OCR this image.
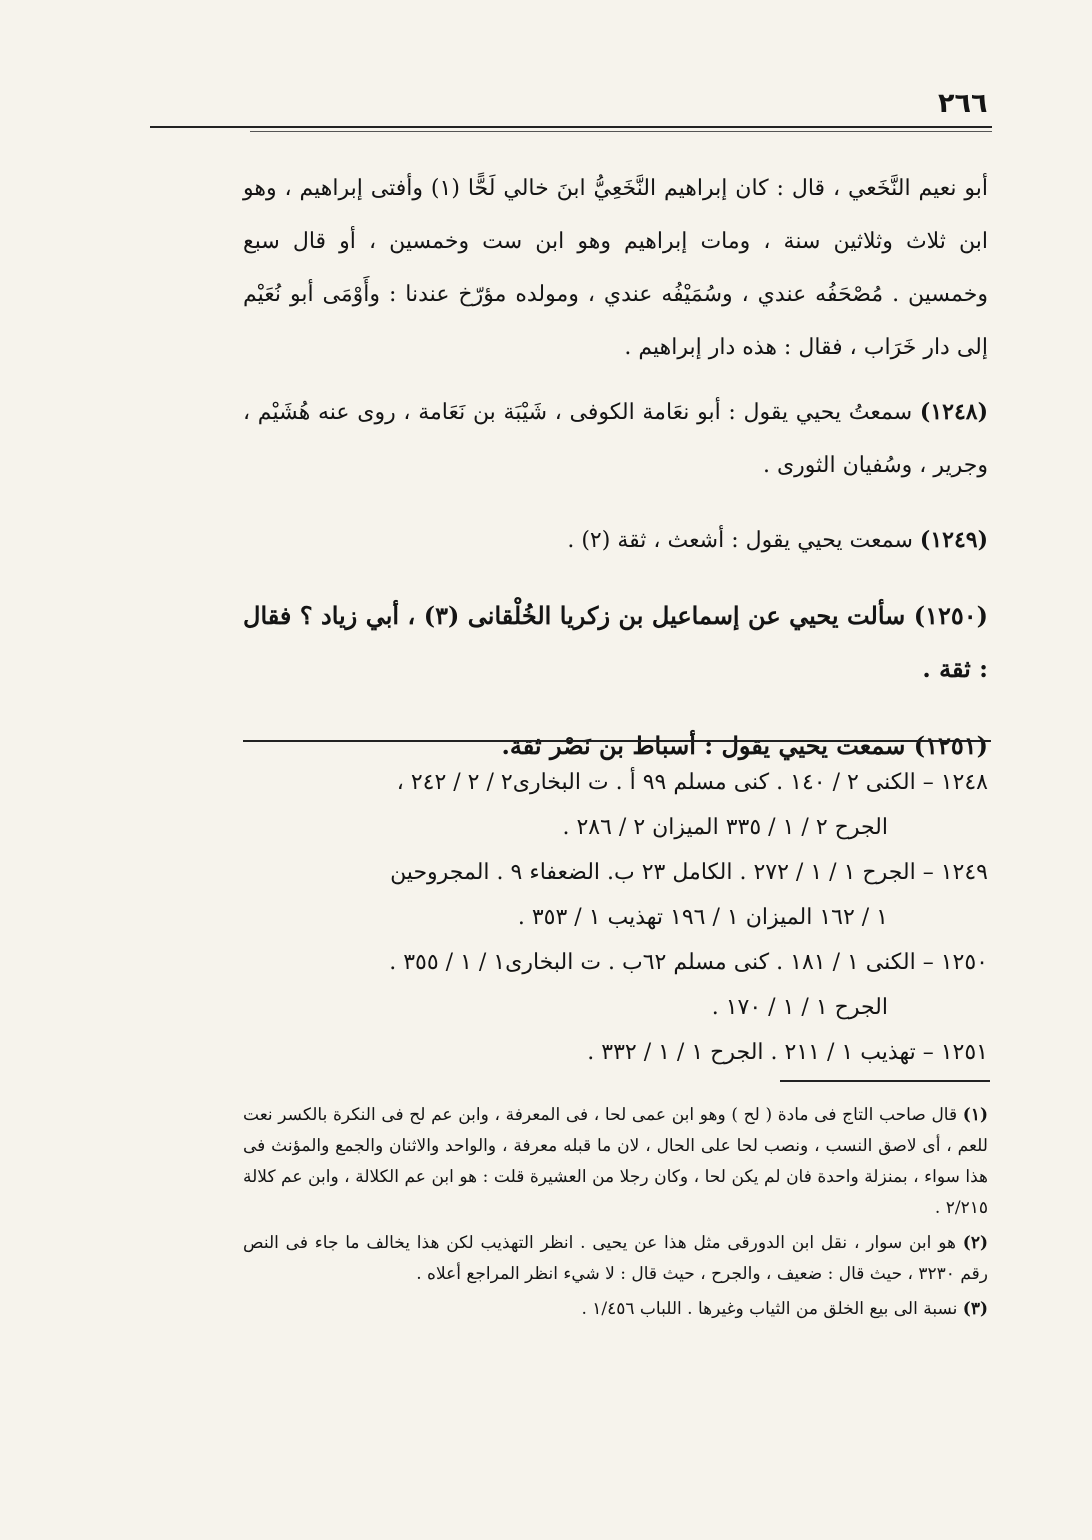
٢٦٦

أبو نعيم النَّخَعي ، قال : كان إبراهيم النَّخَعِيُّ ابنَ خالي لَحًّا (١) وأفتى إبراهيم ، وهو ابن ثلاث وثلاثين سنة ، ومات إبراهيم وهو ابن ست وخمسين ، أو قال سبع وخمسين . مُصْحَفُه عندي ، وسُمَيْفُه عندي ، ومولده مؤرّخ عندنا : وأَوْمَى أبو نُعَيْم إلى دار خَرَاب ، فقال : هذه دار إبراهيم .

(١٢٤٨) سمعتُ يحيي يقول : أبو نعَامة الكوفى ، شَيْبَة بن نَعَامة ، روى عنه هُشَيْم ، وجرير ، وسُفيان الثورى .

(١٢٤٩) سمعت يحيي يقول : أشعث ، ثقة (٢) .

(١٢٥٠) سألت يحيي عن إسماعيل بن زكريا الخُلْقانى (٣) ، أبي زياد ؟ فقال : ثقة .

(١٢٥١) سمعت يحيي يقول : أسباط بن نَصْر ثقة.

١٢٤٨ – الكنى ٢ / ١٤٠ . كنى مسلم ٩٩ أ . ت البخارى٢ / ٢ / ٢٤٢ ،
الجرح ٢ / ١ / ٣٣٥ الميزان ٢ / ٢٨٦ .

١٢٤٩ – الجرح ١ / ١ / ٢٧٢ . الكامل ٢٣ ب. الضعفاء ٩ . المجروحين
١ / ١٦٢ الميزان ١ / ١٩٦ تهذيب ١ / ٣٥٣ .

١٢٥٠ – الكنى ١ / ١٨١ . كنى مسلم ٦٢ب . ت البخارى١ / ١ / ٣٥٥ .
الجرح ١ / ١ / ١٧٠ .

١٢٥١ – تهذيب ١ / ٢١١ . الجرح ١ / ١ / ٣٣٢ .

(١) قال صاحب التاج فى مادة ( لح ) وهو ابن عمى لحا ، فى المعرفة ، وابن عم لح فى النكرة بالكسر نعت للعم ، أى لاصق النسب ، ونصب لحا على الحال ، لان ما قبله معرفة ، والواحد والاثنان والجمع والمؤنث فى هذا سواء ، بمنزلة واحدة فان لم يكن لحا ، وكان رجلا من العشيرة قلت : هو ابن عم الكلالة ، وابن عم كلالة ٢/٢١٥ .

(٢) هو ابن سوار ، نقل ابن الدورقى مثل هذا عن يحيى . انظر التهذيب لكن هذا يخالف ما جاء فى النص رقم ٣٢٣٠ ، حيث قال : ضعيف ، والجرح ، حيث قال : لا شيء انظر المراجع أعلاه .

(٣) نسبة الى بيع الخلق من الثياب وغيرها . اللباب ١/٤٥٦ .
